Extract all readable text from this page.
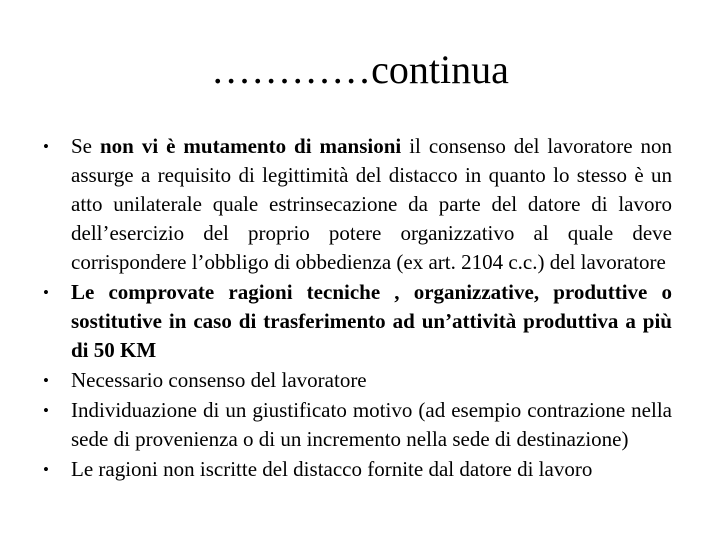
…………continua
• Se non vi è mutamento di mansioni il consenso del lavoratore non assurge a requisito di legittimità del distacco in quanto lo stesso è un atto unilaterale quale estrinsecazione da parte del datore di lavoro dell’esercizio del proprio potere organizzativo al quale deve corrispondere l’obbligo di obbedienza (ex art. 2104 c.c.) del lavoratore
• Le comprovate ragioni tecniche , organizzative, produttive o sostitutive in caso di trasferimento ad un’attività produttiva a più di 50 KM
• Necessario consenso del lavoratore
• Individuazione di un giustificato motivo (ad esempio contrazione nella sede di provenienza o di un incremento nella sede di destinazione)
• Le ragioni non iscritte del distacco fornite dal datore di lavoro
